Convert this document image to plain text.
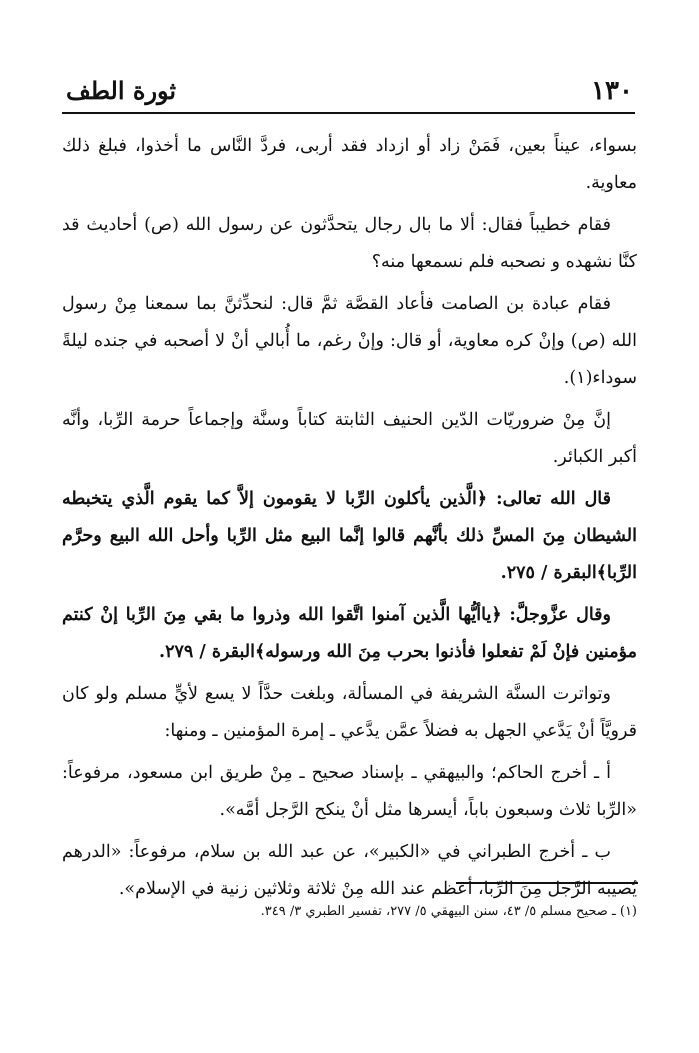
١٣٠
ثورة الطف

بسواء، عيناً بعين، فَمَنْ زاد أو ازداد فقد أربى، فردَّ النَّاس ما أخذوا، فبلغ ذلك معاوية.

فقام خطيباً فقال: ألا ما بال رجال يتحدَّثون عن رسول الله (ص) أحاديث قد كنَّا نشهده و نصحبه فلم نسمعها منه؟

فقام عبادة بن الصامت فأعاد القصَّة ثمَّ قال: لنحدِّثنَّ بما سمعنا مِنْ رسول الله (ص) وإنْ كره معاوية، أو قال: وإنْ رغم، ما أُبالي أنْ لا أصحبه في جنده ليلةً سوداء(١).

إنَّ مِنْ ضروريّات الدّين الحنيف الثابتة كتاباً وسنَّة وإجماعاً حرمة الرِّبا، وأنَّه أكبر الكبائر.

قال الله تعالى: ﴿الَّذين يأكلون الرِّبا لا يقومون إلاَّ كما يقوم الَّذي يتخبطه الشيطان مِنَ المسِّ ذلك بأنَّهم قالوا إنَّما البيع مثل الرِّبا وأحل الله البيع وحرَّم الرِّبا﴾البقرة / ٢٧٥.

وقال عزَّوجلَّ: ﴿ياأيُّها الَّذين آمنوا اتَّقوا الله وذروا ما بقي مِنَ الرِّبا إنْ كنتم مؤمنين فإنْ لَمْ تفعلوا فأذنوا بحرب مِنَ الله ورسوله﴾البقرة / ٢٧٩.

وتواترت السنَّة الشريفة في المسألة، وبلغت حدَّاً لا يسع لأيٍّ مسلم ولو كان قرويَّاً أنْ يَدَّعي الجهل به فضلاً عمَّن يدَّعي ـ إمرة المؤمنين ـ ومنها:

أ ـ أخرج الحاكم؛ والبيهقي ـ بإسناد صحيح ـ مِنْ طريق ابن مسعود، مرفوعاً: «الرِّبا ثلاث وسبعون باباً، أيسرها مثل أنْ ينكح الرَّجل أمَّه».

ب ـ أخرج الطبراني في «الكبير»، عن عبد الله بن سلام، مرفوعاً: «الدرهم يُصيبه الرَّجل مِنَ الرِّبا، أعظم عند الله مِنْ ثلاثة وثلاثين زنية في الإسلام».

(١) ـ صحيح مسلم ٥/ ٤٣، سنن البيهقي ٥/ ٢٧٧، تفسير الطبري ٣/ ٣٤٩.
